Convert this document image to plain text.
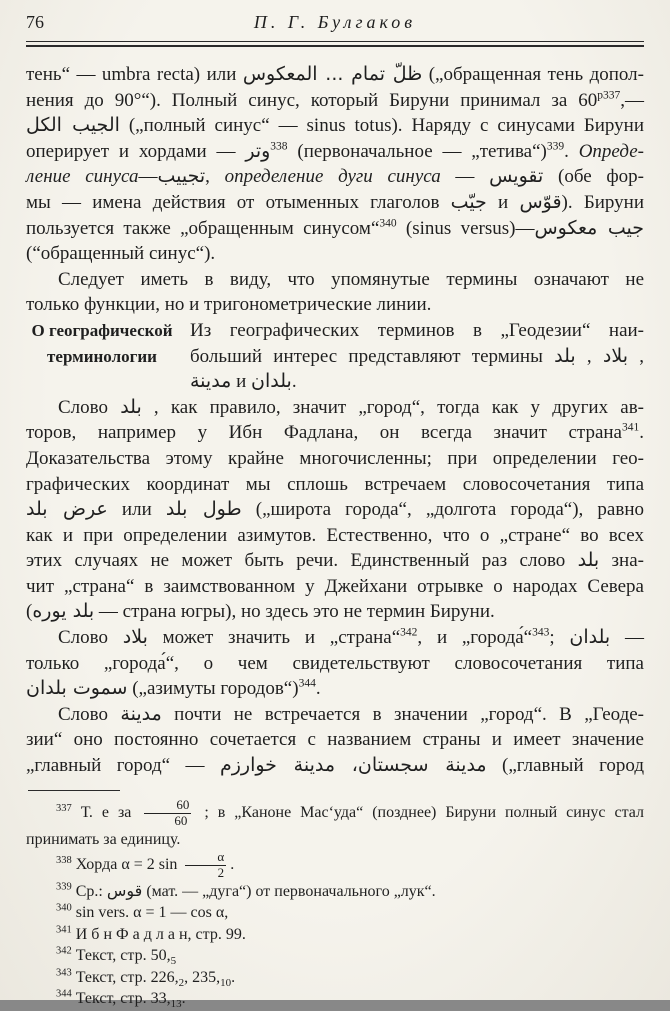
76	П. Г. Булгаков
тень“ — umbra recta) или ظلّ تمام ... المعكوس („обращенная тень допол-
нения до 90°“). Полный синус, который Бируни принимал за $60^{р337},—$
الجيب الكل („полный синус“ — sinus totus). Наряду с синусами Бируни
оперирует и хордами — وتر$^{338}$ (первоначальное — „тетива“)$^{339}$. Опреде-
ление синуса—تجييب, определение дуги синуса — تقويس (обе фор-
мы — имена действия от отыменных глаголов جيّب и قوّس). Бируни
пользуется также „обращенным синусом“$^{340}$ (sinus versus)—جيب معكوس
(“обращенный синус“).
Следует иметь в виду, что упомянутые термины означают не
только функции, но и тригонометрические линии.
О географической
терминологии
Из географических терминов в „Геодезии“ наи-
больший интерес представляют термины بلد , بلاد ,
مدينة и بلدان.
Слово بلد , как правило, значит „город“, тогда как у других ав-
торов, например у Ибн Фадлана, он всегда значит страна$^{341}$.
Доказательства этому крайне многочисленны; при определении гео-
графических координат мы сплошь встречаем словосочетания типа
عرض بلد или طول بلد („широта города“, „долгота города“), равно
как и при определении азимутов. Естественно, что о „стране“ во всех
этих случаях не может быть речи. Единственный раз слово بلد зна-
чит „страна“ в заимствованном у Джейхани отрывке о народах Севера
(بلد يوره — страна югры), но здесь это не термин Бируни.
Слово بلاد может значить и „страна“$^{342}$, и „города́“$^{343}$; بلدان —
только „города́“, о чем свидетельствуют словосочетания типа
سموت بلدان („азимуты городов“)$^{344}$.
Слово مدينة почти не встречается в значении „город“. В „Геоде-
зии“ оно постоянно сочетается с названием страны и имеет значение
„главный город“ — مدينة سجستان، مدينة خوارزم („главный город
$^{337}$ Т. е за $\frac{60}{60}$ ; в „Каноне Мас‘уда“ (позднее) Бируни полный синус стал
принимать за единицу.
$^{338}$ Хорда α = 2 $\sin \frac{\alpha}{2}$ .
$^{339}$ Ср.: قوس (мат. — „дуга“) от первоначального „лук“.
$^{340}$ sin vers. α = 1 — cos α,
$^{341}$ И б н Ф а д л а н, стр. 99.
$^{342}$ Текст, стр. $50,_5$
$^{343}$ Текст, стр. $226,_2$, $235,_{10}$.
$^{344}$ Текст, стр. $33,_{13}$.
